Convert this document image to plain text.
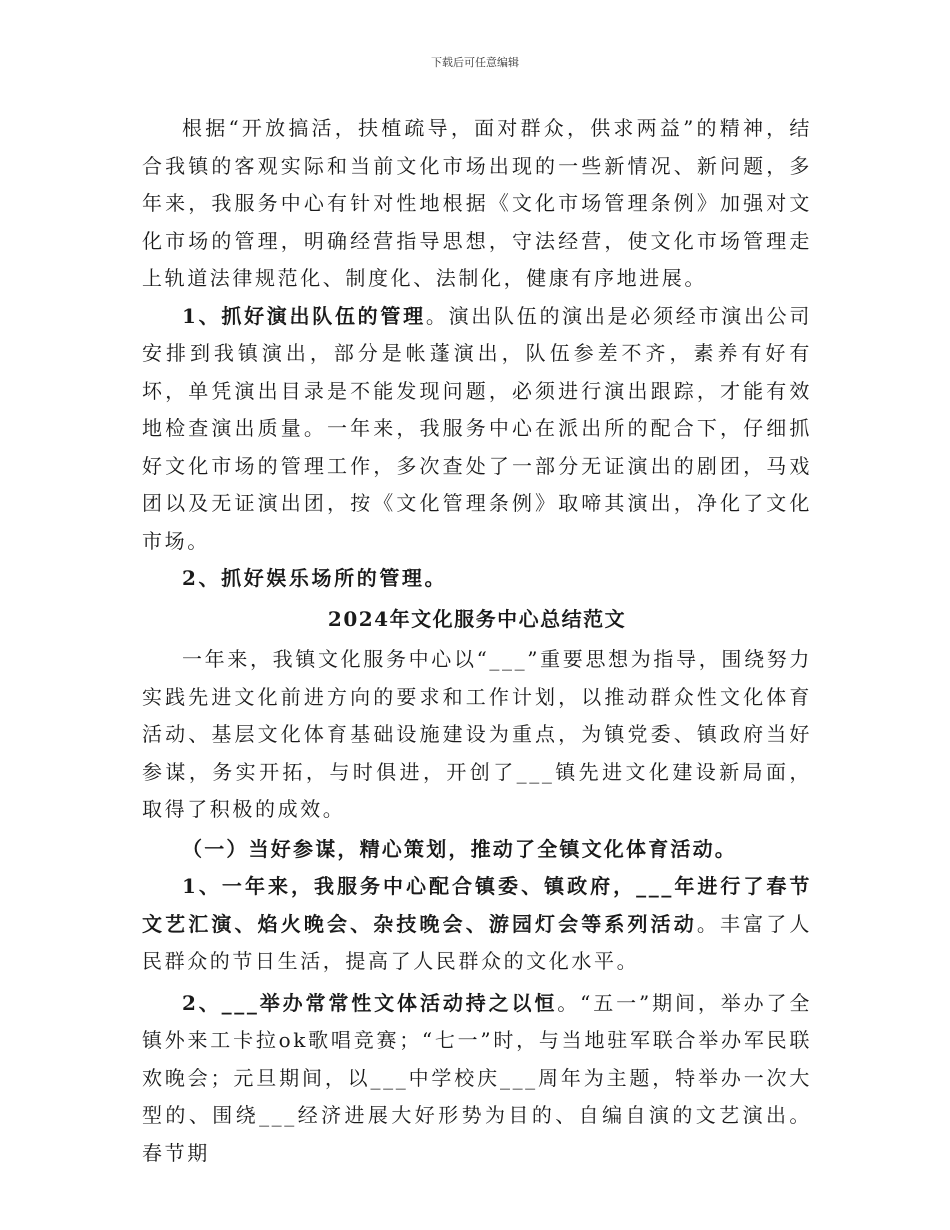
下载后可任意编辑

根据“开放搞活，扶植疏导，面对群众，供求两益”的精神，结合我镇的客观实际和当前文化市场出现的一些新情况、新问题，多年来，我服务中心有针对性地根据《文化市场管理条例》加强对文化市场的管理，明确经营指导思想，守法经营，使文化市场管理走上轨道法律规范化、制度化、法制化，健康有序地进展。

1、抓好演出队伍的管理。演出队伍的演出是必须经市演出公司安排到我镇演出，部分是帐蓬演出，队伍参差不齐，素养有好有坏，单凭演出目录是不能发现问题，必须进行演出跟踪，才能有效地检查演出质量。一年来，我服务中心在派出所的配合下，仔细抓好文化市场的管理工作，多次查处了一部分无证演出的剧团，马戏团以及无证演出团，按《文化管理条例》取啼其演出，净化了文化市场。

2、抓好娱乐场所的管理。

2024年文化服务中心总结范文

一年来，我镇文化服务中心以“___”重要思想为指导，围绕努力实践先进文化前进方向的要求和工作计划，以推动群众性文化体育活动、基层文化体育基础设施建设为重点，为镇党委、镇政府当好参谋，务实开拓，与时俱进，开创了___镇先进文化建设新局面，取得了积极的成效。

（一）当好参谋，精心策划，推动了全镇文化体育活动。

1、一年来，我服务中心配合镇委、镇政府，___年进行了春节文艺汇演、焰火晚会、杂技晚会、游园灯会等系列活动。丰富了人民群众的节日生活，提高了人民群众的文化水平。

2、___举办常常性文体活动持之以恒。“五一”期间，举办了全镇外来工卡拉ok歌唱竞赛；“七一”时，与当地驻军联合举办军民联欢晚会；元旦期间，以___中学校庆___周年为主题，特举办一次大型的、围绕___经济进展大好形势为目的、自编自演的文艺演出。春节期
